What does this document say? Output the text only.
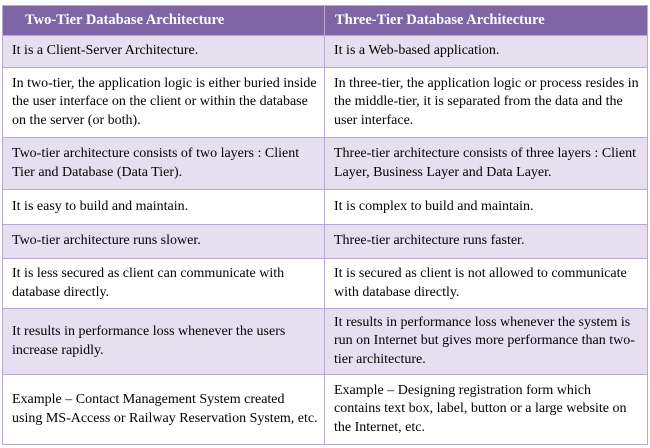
Two-Tier Database Architecture	Three-Tier Database Architecture
It is a Client-Server Architecture.	It is a Web-based application.
In two-tier, the application logic is either buried inside the user interface on the client or within the database on the server (or both).	In three-tier, the application logic or process resides in the middle-tier, it is separated from the data and the user interface.
Two-tier architecture consists of two layers : Client Tier and Database (Data Tier).	Three-tier architecture consists of three layers : Client Layer, Business Layer and Data Layer.
It is easy to build and maintain.	It is complex to build and maintain.
Two-tier architecture runs slower.	Three-tier architecture runs faster.
It is less secured as client can communicate with database directly.	It is secured as client is not allowed to communicate with database directly.
It results in performance loss whenever the users increase rapidly.	It results in performance loss whenever the system is run on Internet but gives more performance than two-tier architecture.
Example – Contact Management System created using MS-Access or Railway Reservation System, etc.	Example – Designing registration form which contains text box, label, button or a large website on the Internet, etc.
